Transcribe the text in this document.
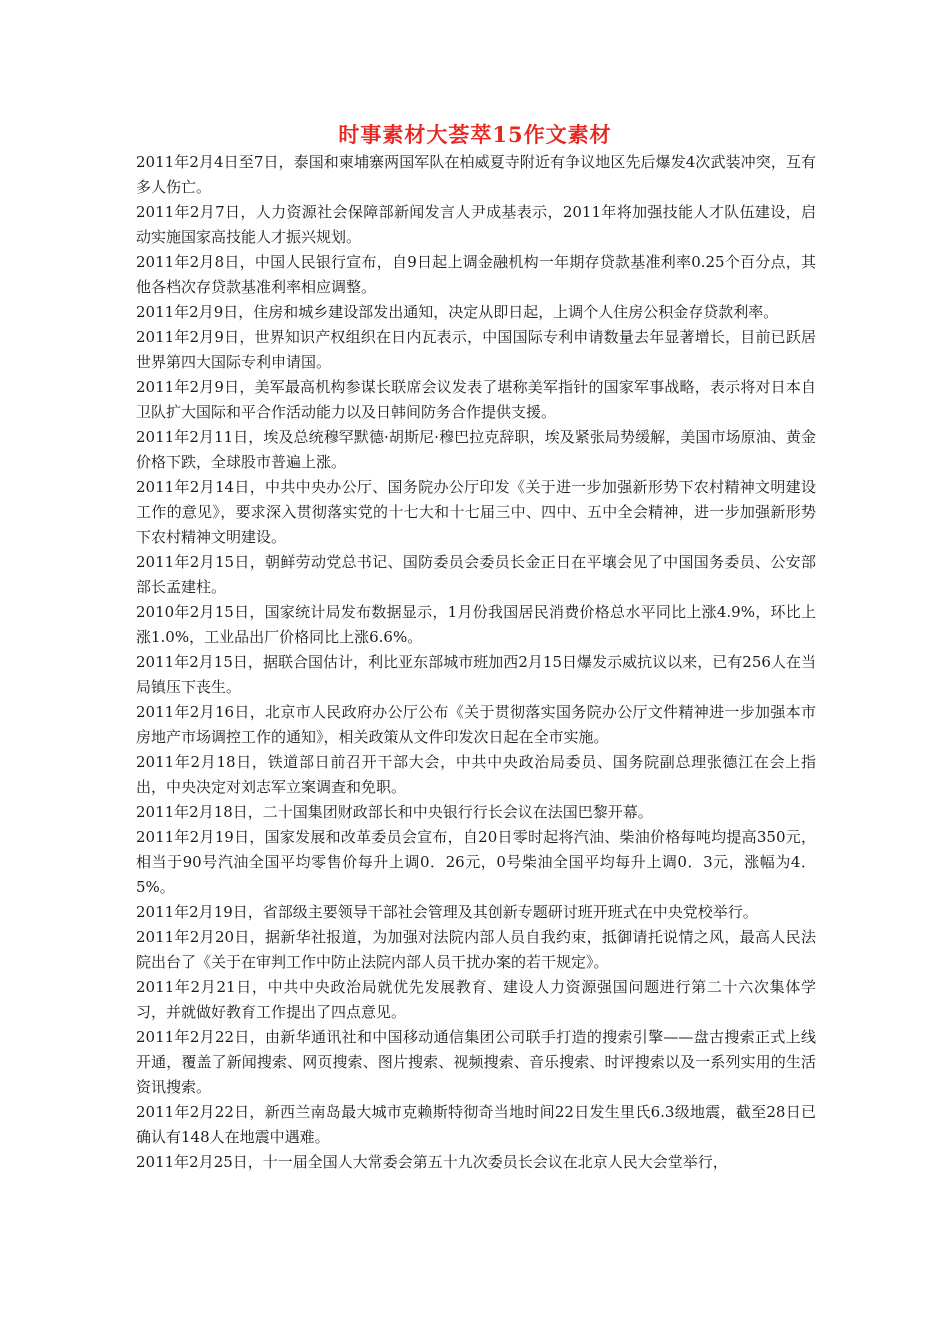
时事素材大荟萃15作文素材

2011年2月4日至7日，泰国和柬埔寨两国军队在柏威夏寺附近有争议地区先后爆发4次武装冲突，互有多人伤亡。

2011年2月7日，人力资源社会保障部新闻发言人尹成基表示，2011年将加强技能人才队伍建设，启动实施国家高技能人才振兴规划。

2011年2月8日，中国人民银行宣布，自9日起上调金融机构一年期存贷款基准利率0.25个百分点，其他各档次存贷款基准利率相应调整。

2011年2月9日，住房和城乡建设部发出通知，决定从即日起，上调个人住房公积金存贷款利率。

2011年2月9日，世界知识产权组织在日内瓦表示，中国国际专利申请数量去年显著增长，目前已跃居世界第四大国际专利申请国。

2011年2月9日，美军最高机构参谋长联席会议发表了堪称美军指针的国家军事战略，表示将对日本自卫队扩大国际和平合作活动能力以及日韩间防务合作提供支援。

2011年2月11日，埃及总统穆罕默德·胡斯尼·穆巴拉克辞职，埃及紧张局势缓解，美国市场原油、黄金价格下跌，全球股市普遍上涨。

2011年2月14日，中共中央办公厅、国务院办公厅印发《关于进一步加强新形势下农村精神文明建设工作的意见》，要求深入贯彻落实党的十七大和十七届三中、四中、五中全会精神，进一步加强新形势下农村精神文明建设。

2011年2月15日，朝鲜劳动党总书记、国防委员会委员长金正日在平壤会见了中国国务委员、公安部部长孟建柱。

2010年2月15日，国家统计局发布数据显示，1月份我国居民消费价格总水平同比上涨4.9%，环比上涨1.0%，工业品出厂价格同比上涨6.6%。

2011年2月15日，据联合国估计，利比亚东部城市班加西2月15日爆发示威抗议以来，已有256人在当局镇压下丧生。

2011年2月16日，北京市人民政府办公厅公布《关于贯彻落实国务院办公厅文件精神进一步加强本市房地产市场调控工作的通知》，相关政策从文件印发次日起在全市实施。

2011年2月18日，铁道部日前召开干部大会，中共中央政治局委员、国务院副总理张德江在会上指出，中央决定对刘志军立案调查和免职。

2011年2月18日，二十国集团财政部长和中央银行行长会议在法国巴黎开幕。

2011年2月19日，国家发展和改革委员会宣布，自20日零时起将汽油、柴油价格每吨均提高350元，相当于90号汽油全国平均零售价每升上调0．26元，0号柴油全国平均每升上调0．3元，涨幅为4．5%。

2011年2月19日，省部级主要领导干部社会管理及其创新专题研讨班开班式在中央党校举行。

2011年2月20日，据新华社报道，为加强对法院内部人员自我约束，抵御请托说情之风，最高人民法院出台了《关于在审判工作中防止法院内部人员干扰办案的若干规定》。

2011年2月21日，中共中央政治局就优先发展教育、建设人力资源强国问题进行第二十六次集体学习，并就做好教育工作提出了四点意见。

2011年2月22日，由新华通讯社和中国移动通信集团公司联手打造的搜索引擎——盘古搜索正式上线开通，覆盖了新闻搜索、网页搜索、图片搜索、视频搜索、音乐搜索、时评搜索以及一系列实用的生活资讯搜索。

2011年2月22日，新西兰南岛最大城市克赖斯特彻奇当地时间22日发生里氏6.3级地震，截至28日已确认有148人在地震中遇难。

2011年2月25日，十一届全国人大常委会第五十九次委员长会议在北京人民大会堂举行，
